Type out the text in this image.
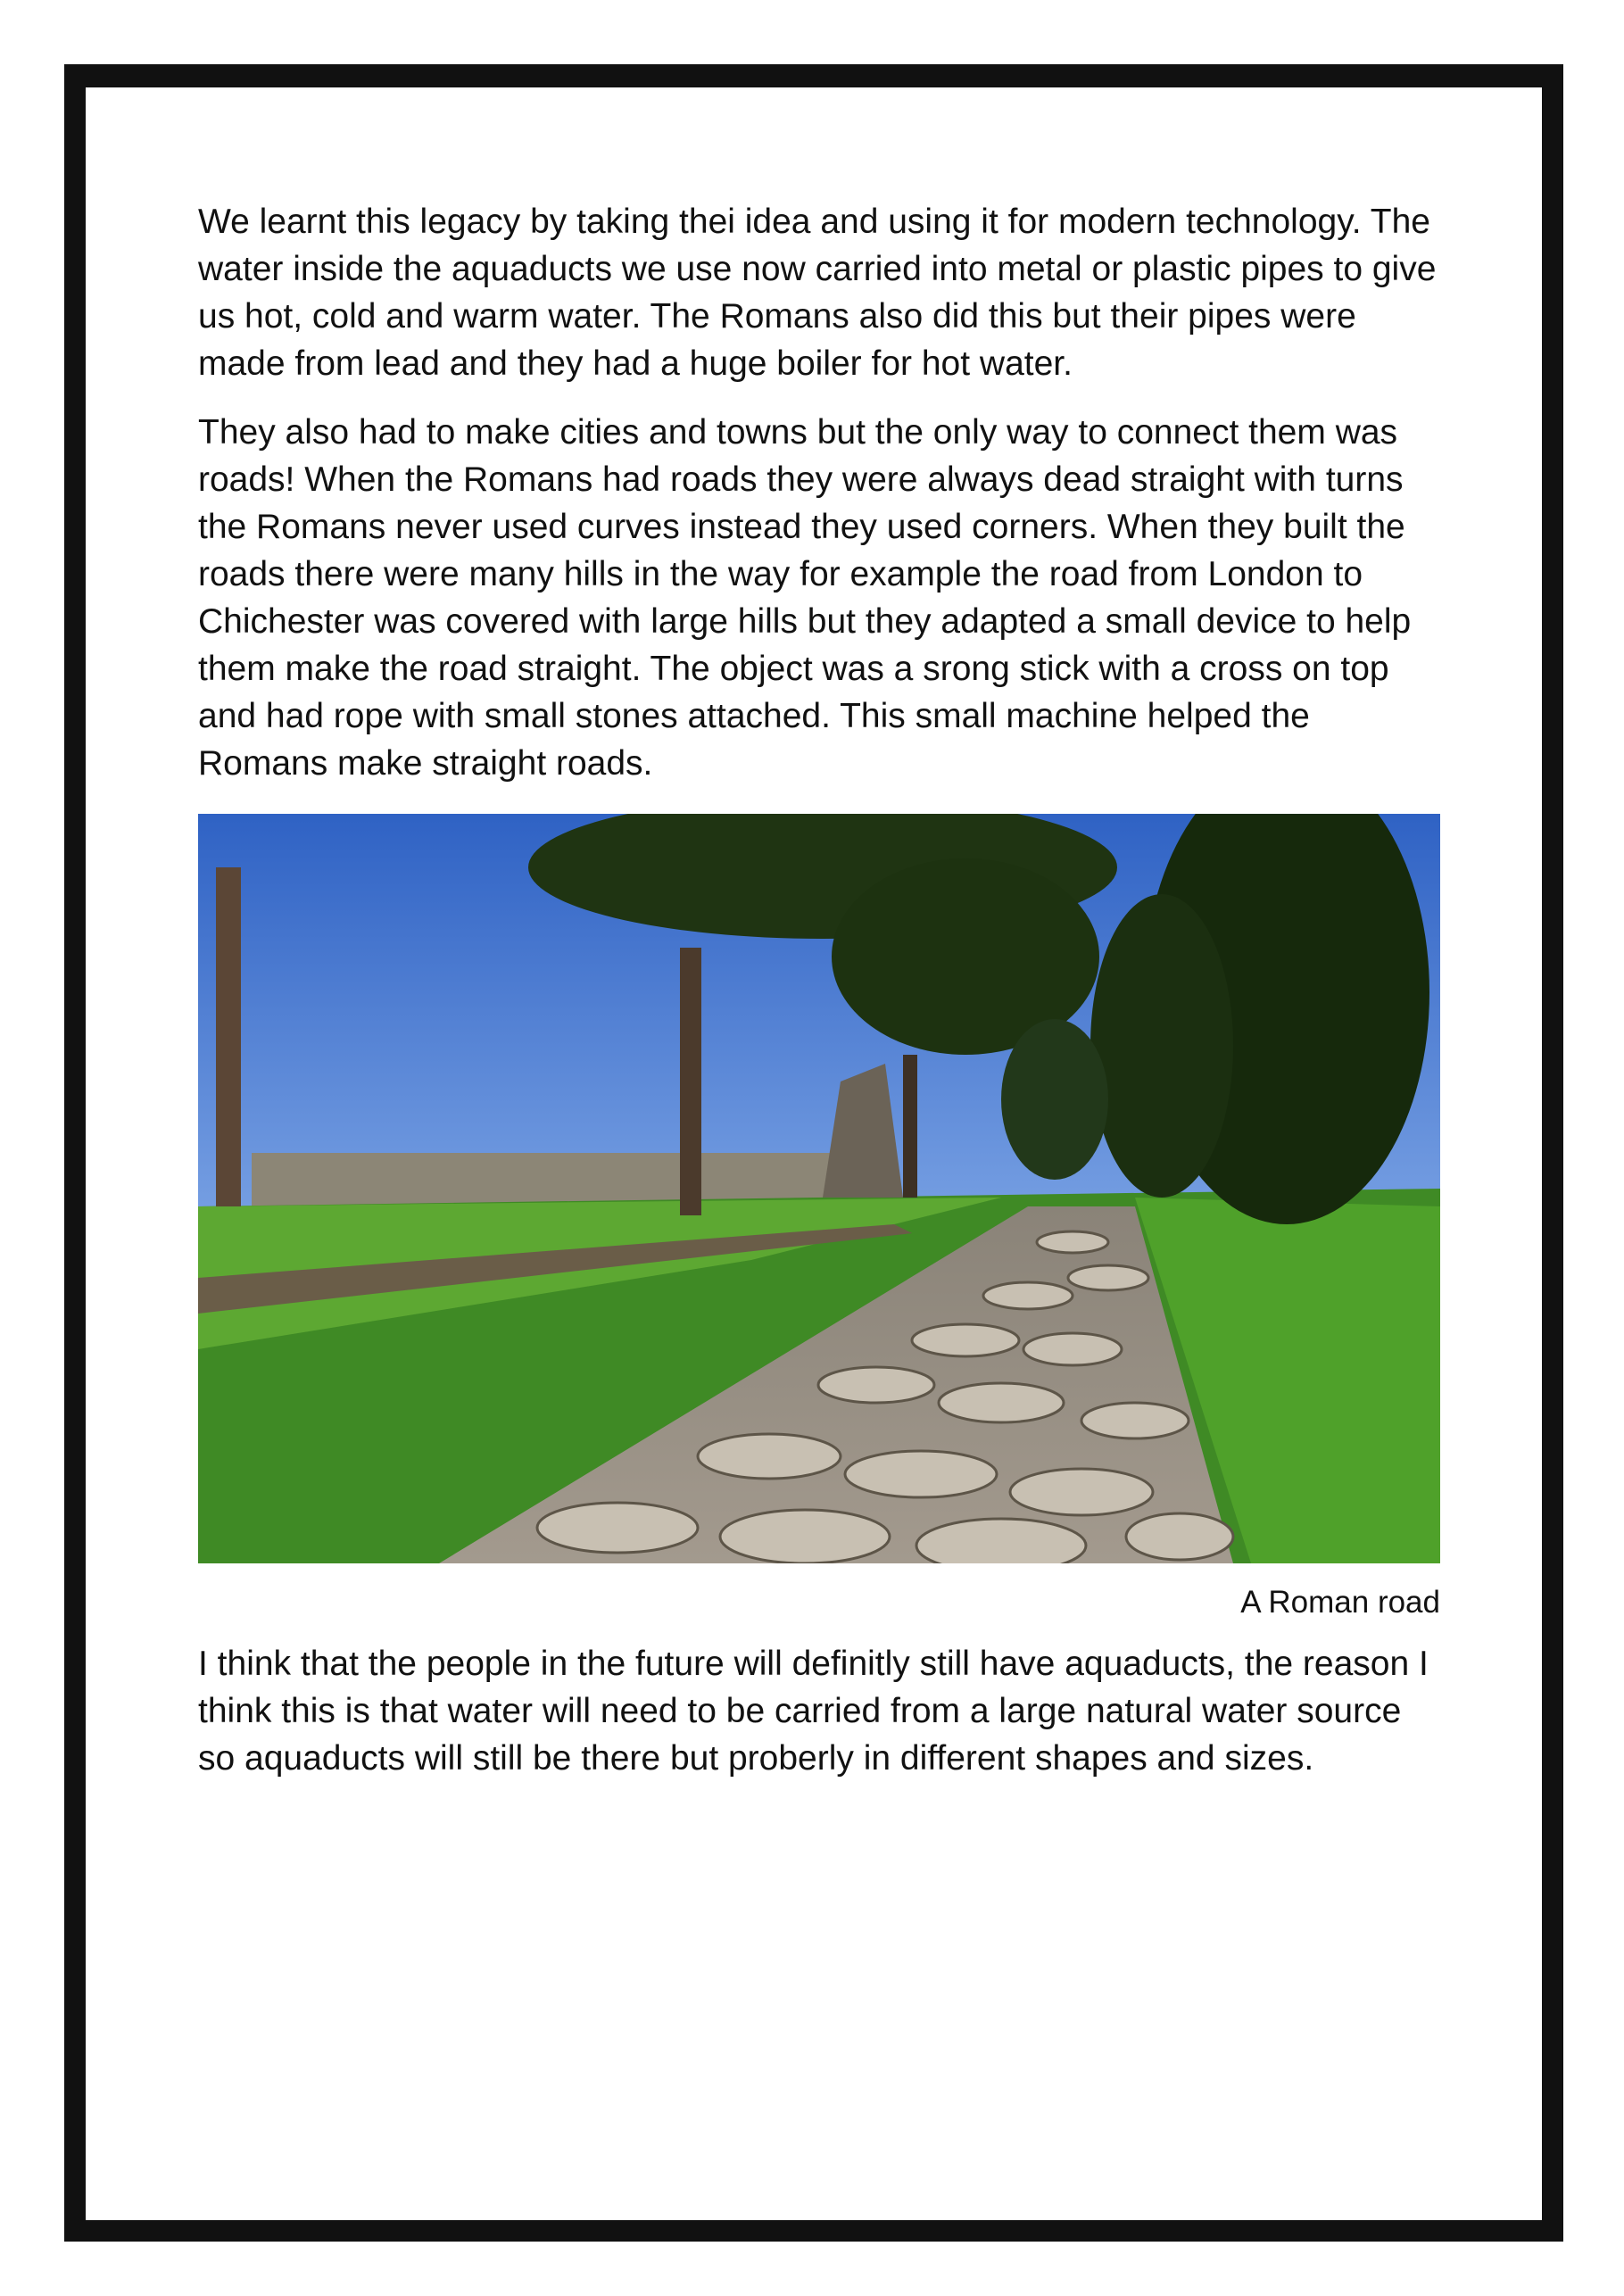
We learnt this legacy by taking thei idea and using it for modern technology. The water inside the aquaducts we use now carried into metal or plastic pipes to give us hot, cold and warm water. The Romans also did this but their pipes were made from lead and they had a huge boiler for hot water.

They also had to make cities and towns but the only way to connect them was roads! When the Romans had roads they were always dead straight with turns the Romans never used curves instead they used corners. When they built the roads there were many hills in the way for example the road from London to Chichester was covered with large hills but they adapted a small device to help them make the road straight. The object was a srong stick with a cross on top and had rope with small stones attached. This small machine helped the Romans make straight roads.

A Roman road

I think that the people in the future will definitly still have aquaducts, the reason I think this is that water will need to be carried from a large natural water source so aquaducts will still be there but proberly in different shapes and sizes.
